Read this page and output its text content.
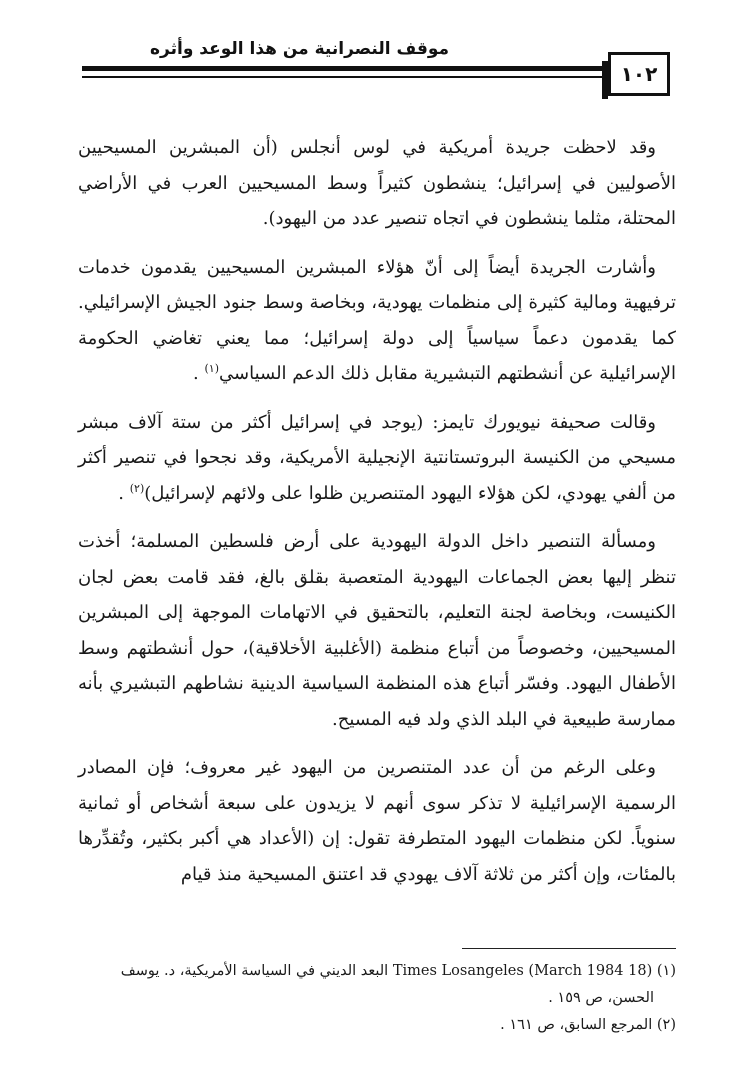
موقف النصرانية من هذا الوعد وأثره
١٠٢

وقد لاحظت جريدة أمريكية في لوس أنجلس (أن المبشرين المسيحيين الأصوليين في إسرائيل؛ ينشطون كثيراً وسط المسيحيين العرب في الأراضي المحتلة، مثلما ينشطون في اتجاه تنصير عدد من اليهود).

وأشارت الجريدة أيضاً إلى أنّ هؤلاء المبشرين المسيحيين يقدمون خدمات ترفيهية ومالية كثيرة إلى منظمات يهودية، وبخاصة وسط جنود الجيش الإسرائيلي. كما يقدمون دعماً سياسياً إلى دولة إسرائيل؛ مما يعني تغاضي الحكومة الإسرائيلية عن أنشطتهم التبشيرية مقابل ذلك الدعم السياسي$^{(١)}$ .

وقالت صحيفة نيويورك تايمز: (يوجد في إسرائيل أكثر من ستة آلاف مبشر مسيحي من الكنيسة البروتستانتية الإنجيلية الأمريكية، وقد نجحوا في تنصير أكثر من ألفي يهودي، لكن هؤلاء اليهود المتنصرين ظلوا على ولائهم لإسرائيل)$^{(٢)}$ .

ومسألة التنصير داخل الدولة اليهودية على أرض فلسطين المسلمة؛ أخذت تنظر إليها بعض الجماعات اليهودية المتعصبة بقلق بالغ، فقد قامت بعض لجان الكنيست، وبخاصة لجنة التعليم، بالتحقيق في الاتهامات الموجهة إلى المبشرين المسيحيين، وخصوصاً من أتباع منظمة (الأغلبية الأخلاقية)، حول أنشطتهم وسط الأطفال اليهود. وفسّر أتباع هذه المنظمة السياسية الدينية نشاطهم التبشيري بأنه ممارسة طبيعية في البلد الذي ولد فيه المسيح.

وعلى الرغم من أن عدد المتنصرين من اليهود غير معروف؛ فإن المصادر الرسمية الإسرائيلية لا تذكر سوى أنهم لا يزيدون على سبعة أشخاص أو ثمانية سنوياً. لكن منظمات اليهود المتطرفة تقول: إن (الأعداد هي أكبر بكثير، وتُقدِّرها بالمئات، وإن أكثر من ثلاثة آلاف يهودي قد اعتنق المسيحية منذ قيام

(١) (18 March 1984) Times Losangeles البعد الديني في السياسة الأمريكية، د. يوسف

الحسن، ص ١٥٩ .

(٢) المرجع السابق، ص ١٦١ .
